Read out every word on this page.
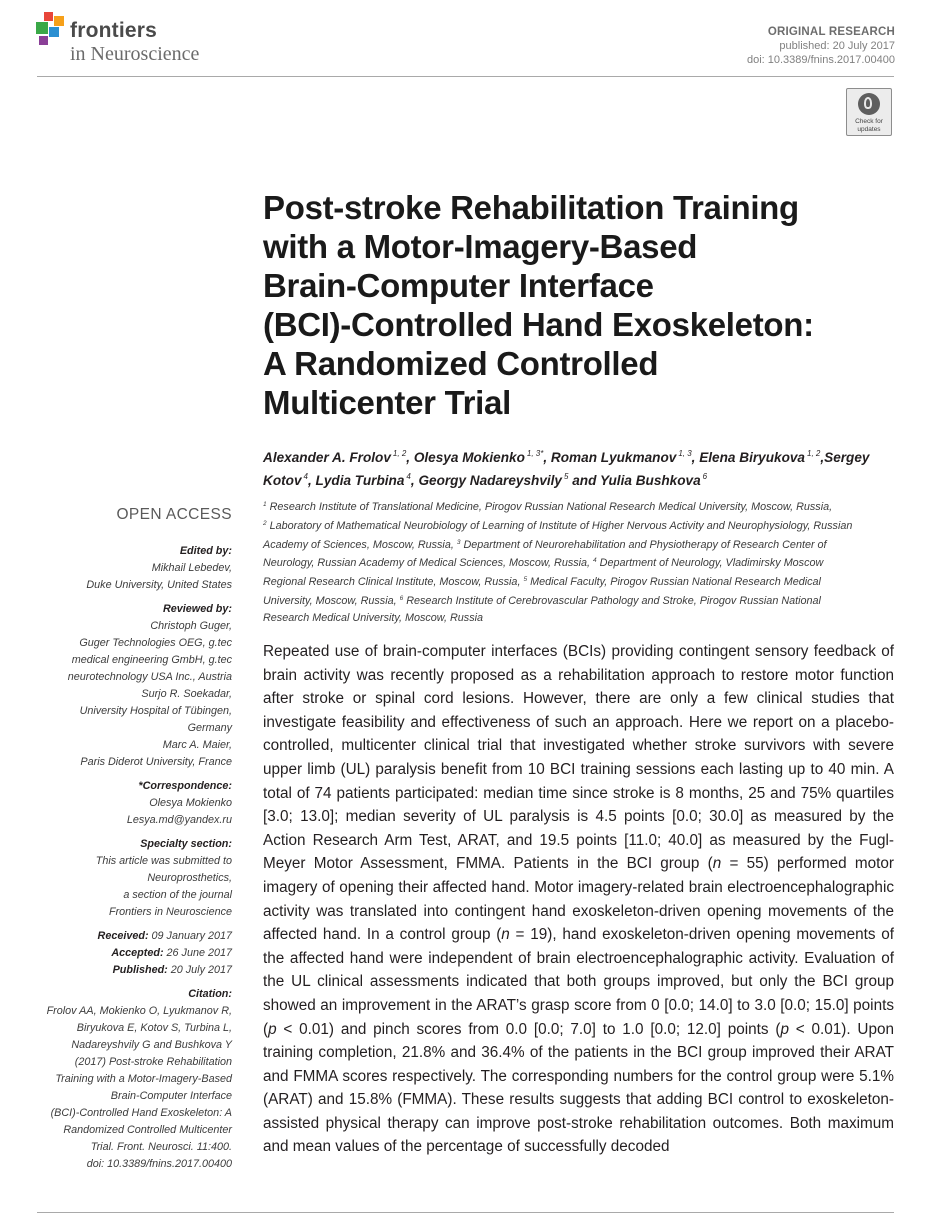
frontiers
in Neuroscience
ORIGINAL RESEARCH
published: 20 July 2017
doi: 10.3389/fnins.2017.00400
Check for
updates
Post-stroke Rehabilitation Training
with a Motor-Imagery-Based
Brain-Computer Interface
(BCI)-Controlled Hand Exoskeleton:
A Randomized Controlled
Multicenter Trial
Alexander A. Frolov $^{1, 2}$, Olesya Mokienko $^{1, 3*}$, Roman Lyukmanov $^{1, 3}$, Elena Biryukova $^{1, 2}$,Sergey Kotov $^4$, Lydia Turbina $^4$, Georgy Nadareyshvily $^5$ and Yulia Bushkova $^6$
$^1$ Research Institute of Translational Medicine, Pirogov Russian National Research Medical University, Moscow, Russia,
$^2$ Laboratory of Mathematical Neurobiology of Learning of Institute of Higher Nervous Activity and Neurophysiology, Russian
Academy of Sciences, Moscow, Russia, $^3$ Department of Neurorehabilitation and Physiotherapy of Research Center of
Neurology, Russian Academy of Medical Sciences, Moscow, Russia, $^4$ Department of Neurology, Vladimirsky Moscow
Regional Research Clinical Institute, Moscow, Russia, $^5$ Medical Faculty, Pirogov Russian National Research Medical
University, Moscow, Russia, $^6$ Research Institute of Cerebrovascular Pathology and Stroke, Pirogov Russian National
Research Medical University, Moscow, Russia
OPEN ACCESS
Edited by:
Mikhail Lebedev,
Duke University, United States
Reviewed by:
Christoph Guger,
Guger Technologies OEG, g.tec
medical engineering GmbH, g.tec
neurotechnology USA Inc., Austria
Surjo R. Soekadar,
University Hospital of Tübingen,
Germany
Marc A. Maier,
Paris Diderot University, France
*Correspondence:
Olesya Mokienko
Lesya.md@yandex.ru
Specialty section:
This article was submitted to
Neuroprosthetics,
a section of the journal
Frontiers in Neuroscience
Received: 09 January 2017
Accepted: 26 June 2017
Published: 20 July 2017
Citation:
Frolov AA, Mokienko O, Lyukmanov R,
Biryukova E, Kotov S, Turbina L,
Nadareyshvily G and Bushkova Y
(2017) Post-stroke Rehabilitation
Training with a Motor-Imagery-Based
Brain-Computer Interface
(BCI)-Controlled Hand Exoskeleton: A
Randomized Controlled Multicenter
Trial. Front. Neurosci. 11:400.
doi: 10.3389/fnins.2017.00400

Repeated use of brain-computer interfaces (BCIs) providing contingent sensory feedback of brain activity was recently proposed as a rehabilitation approach to restore motor function after stroke or spinal cord lesions. However, there are only a few clinical studies that investigate feasibility and effectiveness of such an approach. Here we report on a placebo-controlled, multicenter clinical trial that investigated whether stroke survivors with severe upper limb (UL) paralysis benefit from 10 BCI training sessions each lasting up to 40 min. A total of 74 patients participated: median time since stroke is 8 months, 25 and 75% quartiles [3.0; 13.0]; median severity of UL paralysis is 4.5 points [0.0; 30.0] as measured by the Action Research Arm Test, ARAT, and 19.5 points [11.0; 40.0] as measured by the Fugl-Meyer Motor Assessment, FMMA. Patients in the BCI group (n = 55) performed motor imagery of opening their affected hand. Motor imagery-related brain electroencephalographic activity was translated into contingent hand exoskeleton-driven opening movements of the affected hand. In a control group (n = 19), hand exoskeleton-driven opening movements of the affected hand were independent of brain electroencephalographic activity. Evaluation of the UL clinical assessments indicated that both groups improved, but only the BCI group showed an improvement in the ARAT’s grasp score from 0 [0.0; 14.0] to 3.0 [0.0; 15.0] points (p < 0.01) and pinch scores from 0.0 [0.0; 7.0] to 1.0 [0.0; 12.0] points (p < 0.01). Upon training completion, 21.8% and 36.4% of the patients in the BCI group improved their ARAT and FMMA scores respectively. The corresponding numbers for the control group were 5.1% (ARAT) and 15.8% (FMMA). These results suggests that adding BCI control to exoskeleton-assisted physical therapy can improve post-stroke rehabilitation outcomes. Both maximum and mean values of the percentage of successfully decoded
